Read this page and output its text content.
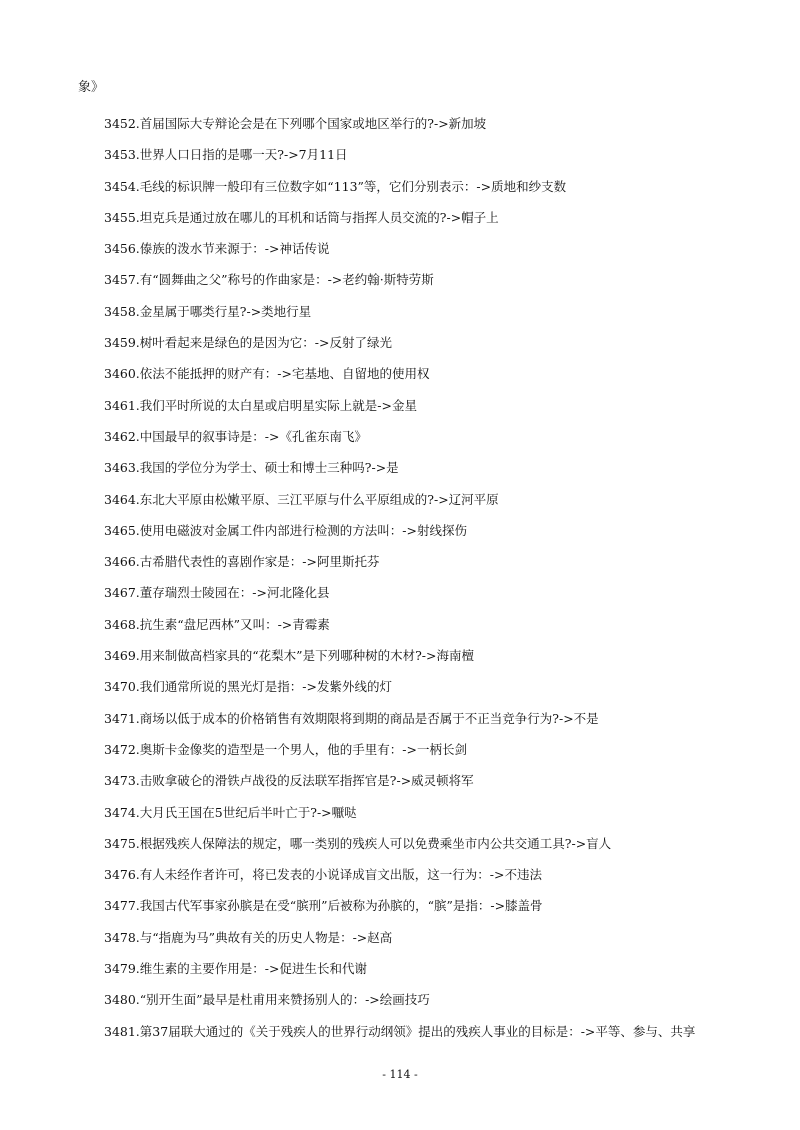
象》
3452.首届国际大专辩论会是在下列哪个国家或地区举行的?->新加坡
3453.世界人口日指的是哪一天?->7月11日
3454.毛线的标识牌一般印有三位数字如“113”等，它们分别表示：->质地和纱支数
3455.坦克兵是通过放在哪儿的耳机和话筒与指挥人员交流的?->帽子上
3456.傣族的泼水节来源于：->神话传说
3457.有“圆舞曲之父”称号的作曲家是：->老约翰·斯特劳斯
3458.金星属于哪类行星?->类地行星
3459.树叶看起来是绿色的是因为它：->反射了绿光
3460.依法不能抵押的财产有：->宅基地、自留地的使用权
3461.我们平时所说的太白星或启明星实际上就是->金星
3462.中国最早的叙事诗是：->《孔雀东南飞》
3463.我国的学位分为学士、硕士和博士三种吗?->是
3464.东北大平原由松嫩平原、三江平原与什么平原组成的?->辽河平原
3465.使用电磁波对金属工件内部进行检测的方法叫：->射线探伤
3466.古希腊代表性的喜剧作家是：->阿里斯托芬
3467.董存瑞烈士陵园在：->河北隆化县
3468.抗生素“盘尼西林”又叫：->青霉素
3469.用来制做高档家具的“花梨木”是下列哪种树的木材?->海南檀
3470.我们通常所说的黑光灯是指：->发紫外线的灯
3471.商场以低于成本的价格销售有效期限将到期的商品是否属于不正当竞争行为?->不是
3472.奥斯卡金像奖的造型是一个男人，他的手里有：->一柄长剑
3473.击败拿破仑的滑铁卢战役的反法联军指挥官是?->威灵顿将军
3474.大月氏王国在5世纪后半叶亡于?->嚈哒
3475.根据残疾人保障法的规定，哪一类别的残疾人可以免费乘坐市内公共交通工具?->盲人
3476.有人未经作者许可，将已发表的小说译成盲文出版，这一行为：->不违法
3477.我国古代军事家孙膑是在受“膑刑”后被称为孙膑的，“膑”是指：->膝盖骨
3478.与“指鹿为马”典故有关的历史人物是：->赵高
3479.维生素的主要作用是：->促进生长和代谢
3480.“别开生面”最早是杜甫用来赞扬别人的：->绘画技巧
3481.第37届联大通过的《关于残疾人的世界行动纲领》提出的残疾人事业的目标是：->平等、参与、共享
- 114 -
